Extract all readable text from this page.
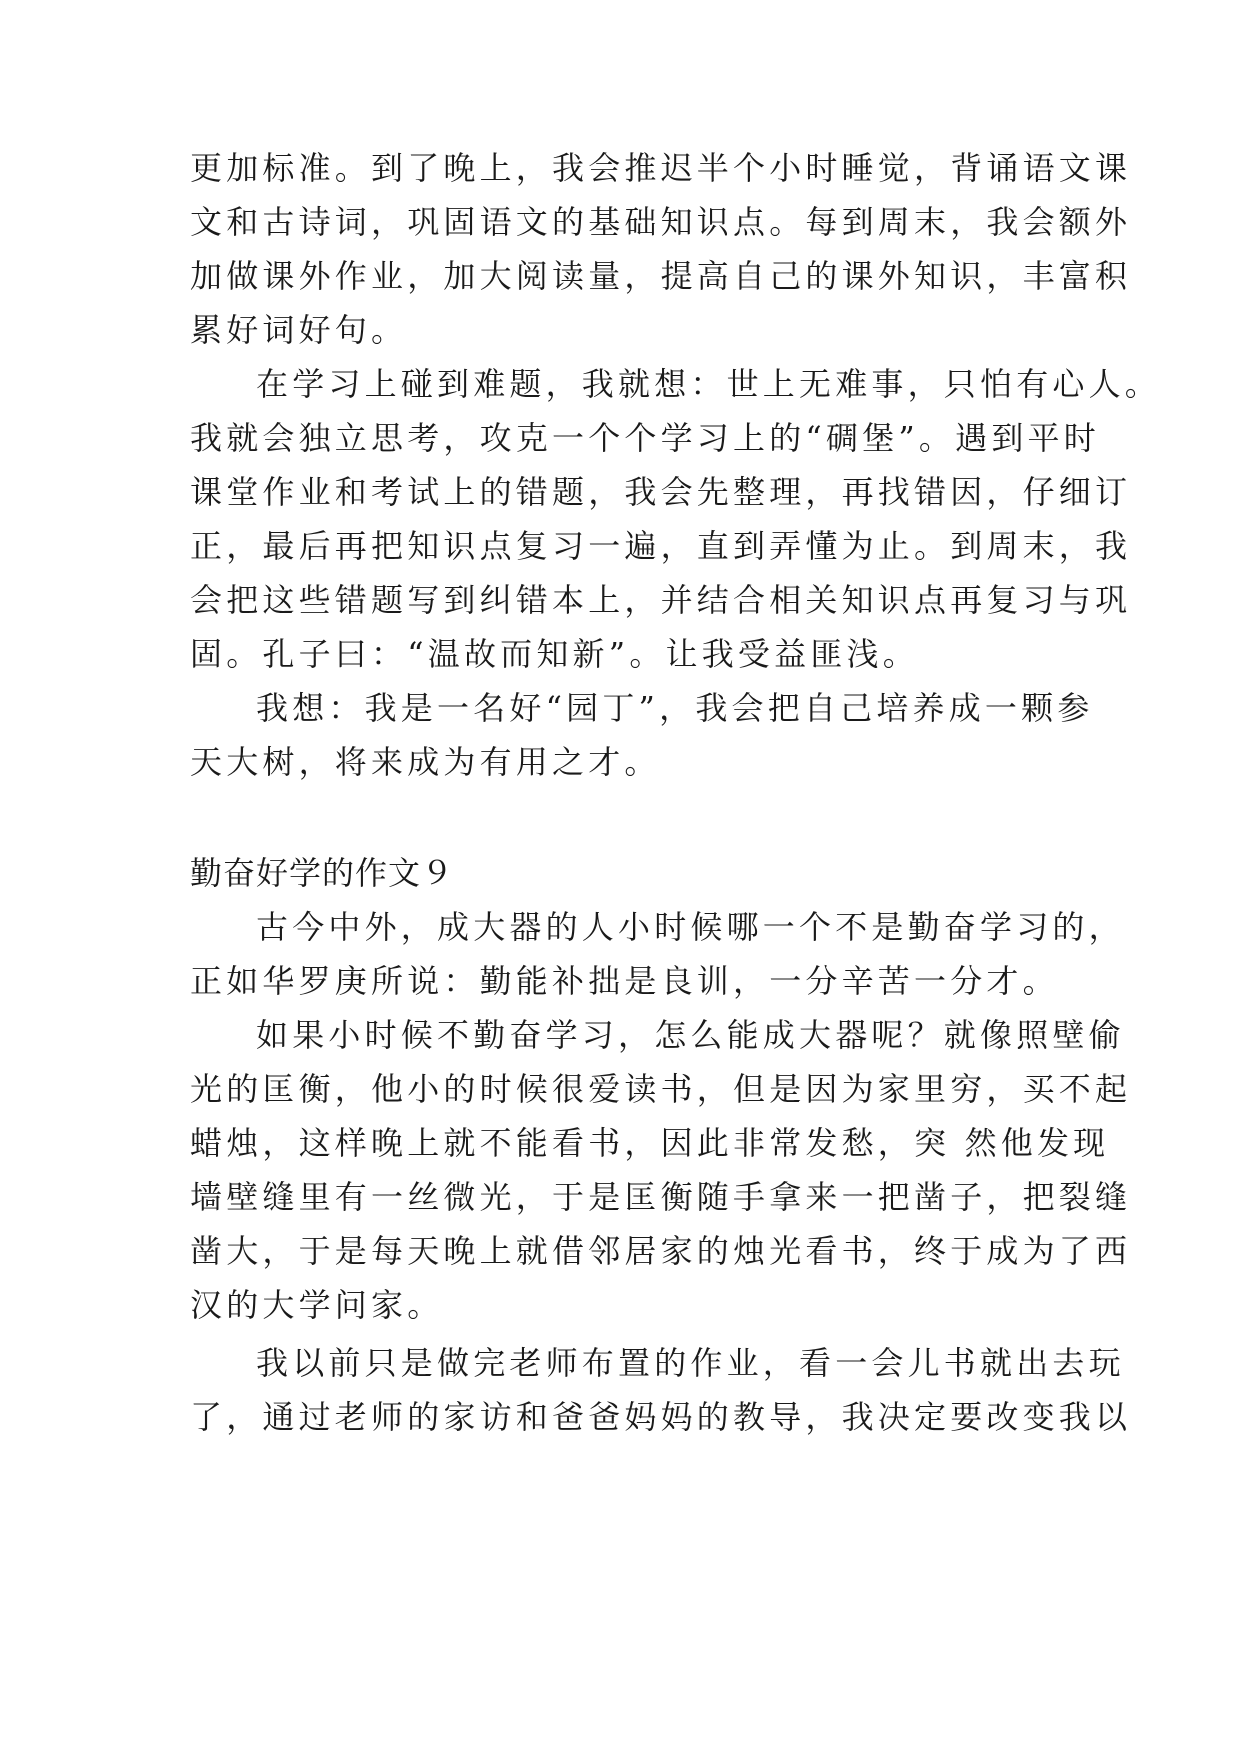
更加标准。到了晚上，我会推迟半个小时睡觉，背诵语文课
文和古诗词，巩固语文的基础知识点。每到周末，我会额外
加做课外作业，加大阅读量，提高自己的课外知识，丰富积
累好词好句。
在学习上碰到难题，我就想：世上无难事，只怕有心人。
我就会独立思考，攻克一个个学习上的“碉堡”。遇到平时
课堂作业和考试上的错题，我会先整理，再找错因，仔细订
正，最后再把知识点复习一遍，直到弄懂为止。到周末，我
会把这些错题写到纠错本上，并结合相关知识点再复习与巩
固。孔子曰：“温故而知新”。让我受益匪浅。
我想：我是一名好“园丁”，我会把自己培养成一颗参
天大树，将来成为有用之才。
勤奋好学的作文９
古今中外，成大器的人小时候哪一个不是勤奋学习的，
正如华罗庚所说：勤能补拙是良训，一分辛苦一分才。
如果小时候不勤奋学习，怎么能成大器呢？就像照壁偷
光的匡衡，他小的时候很爱读书，但是因为家里穷，买不起
蜡烛，这样晚上就不能看书，因此非常发愁，突 然他发现
墙壁缝里有一丝微光，于是匡衡随手拿来一把凿子，把裂缝
凿大，于是每天晚上就借邻居家的烛光看书，终于成为了西
汉的大学问家。
我以前只是做完老师布置的作业，看一会儿书就出去玩
了，通过老师的家访和爸爸妈妈的教导，我决定要改变我以
